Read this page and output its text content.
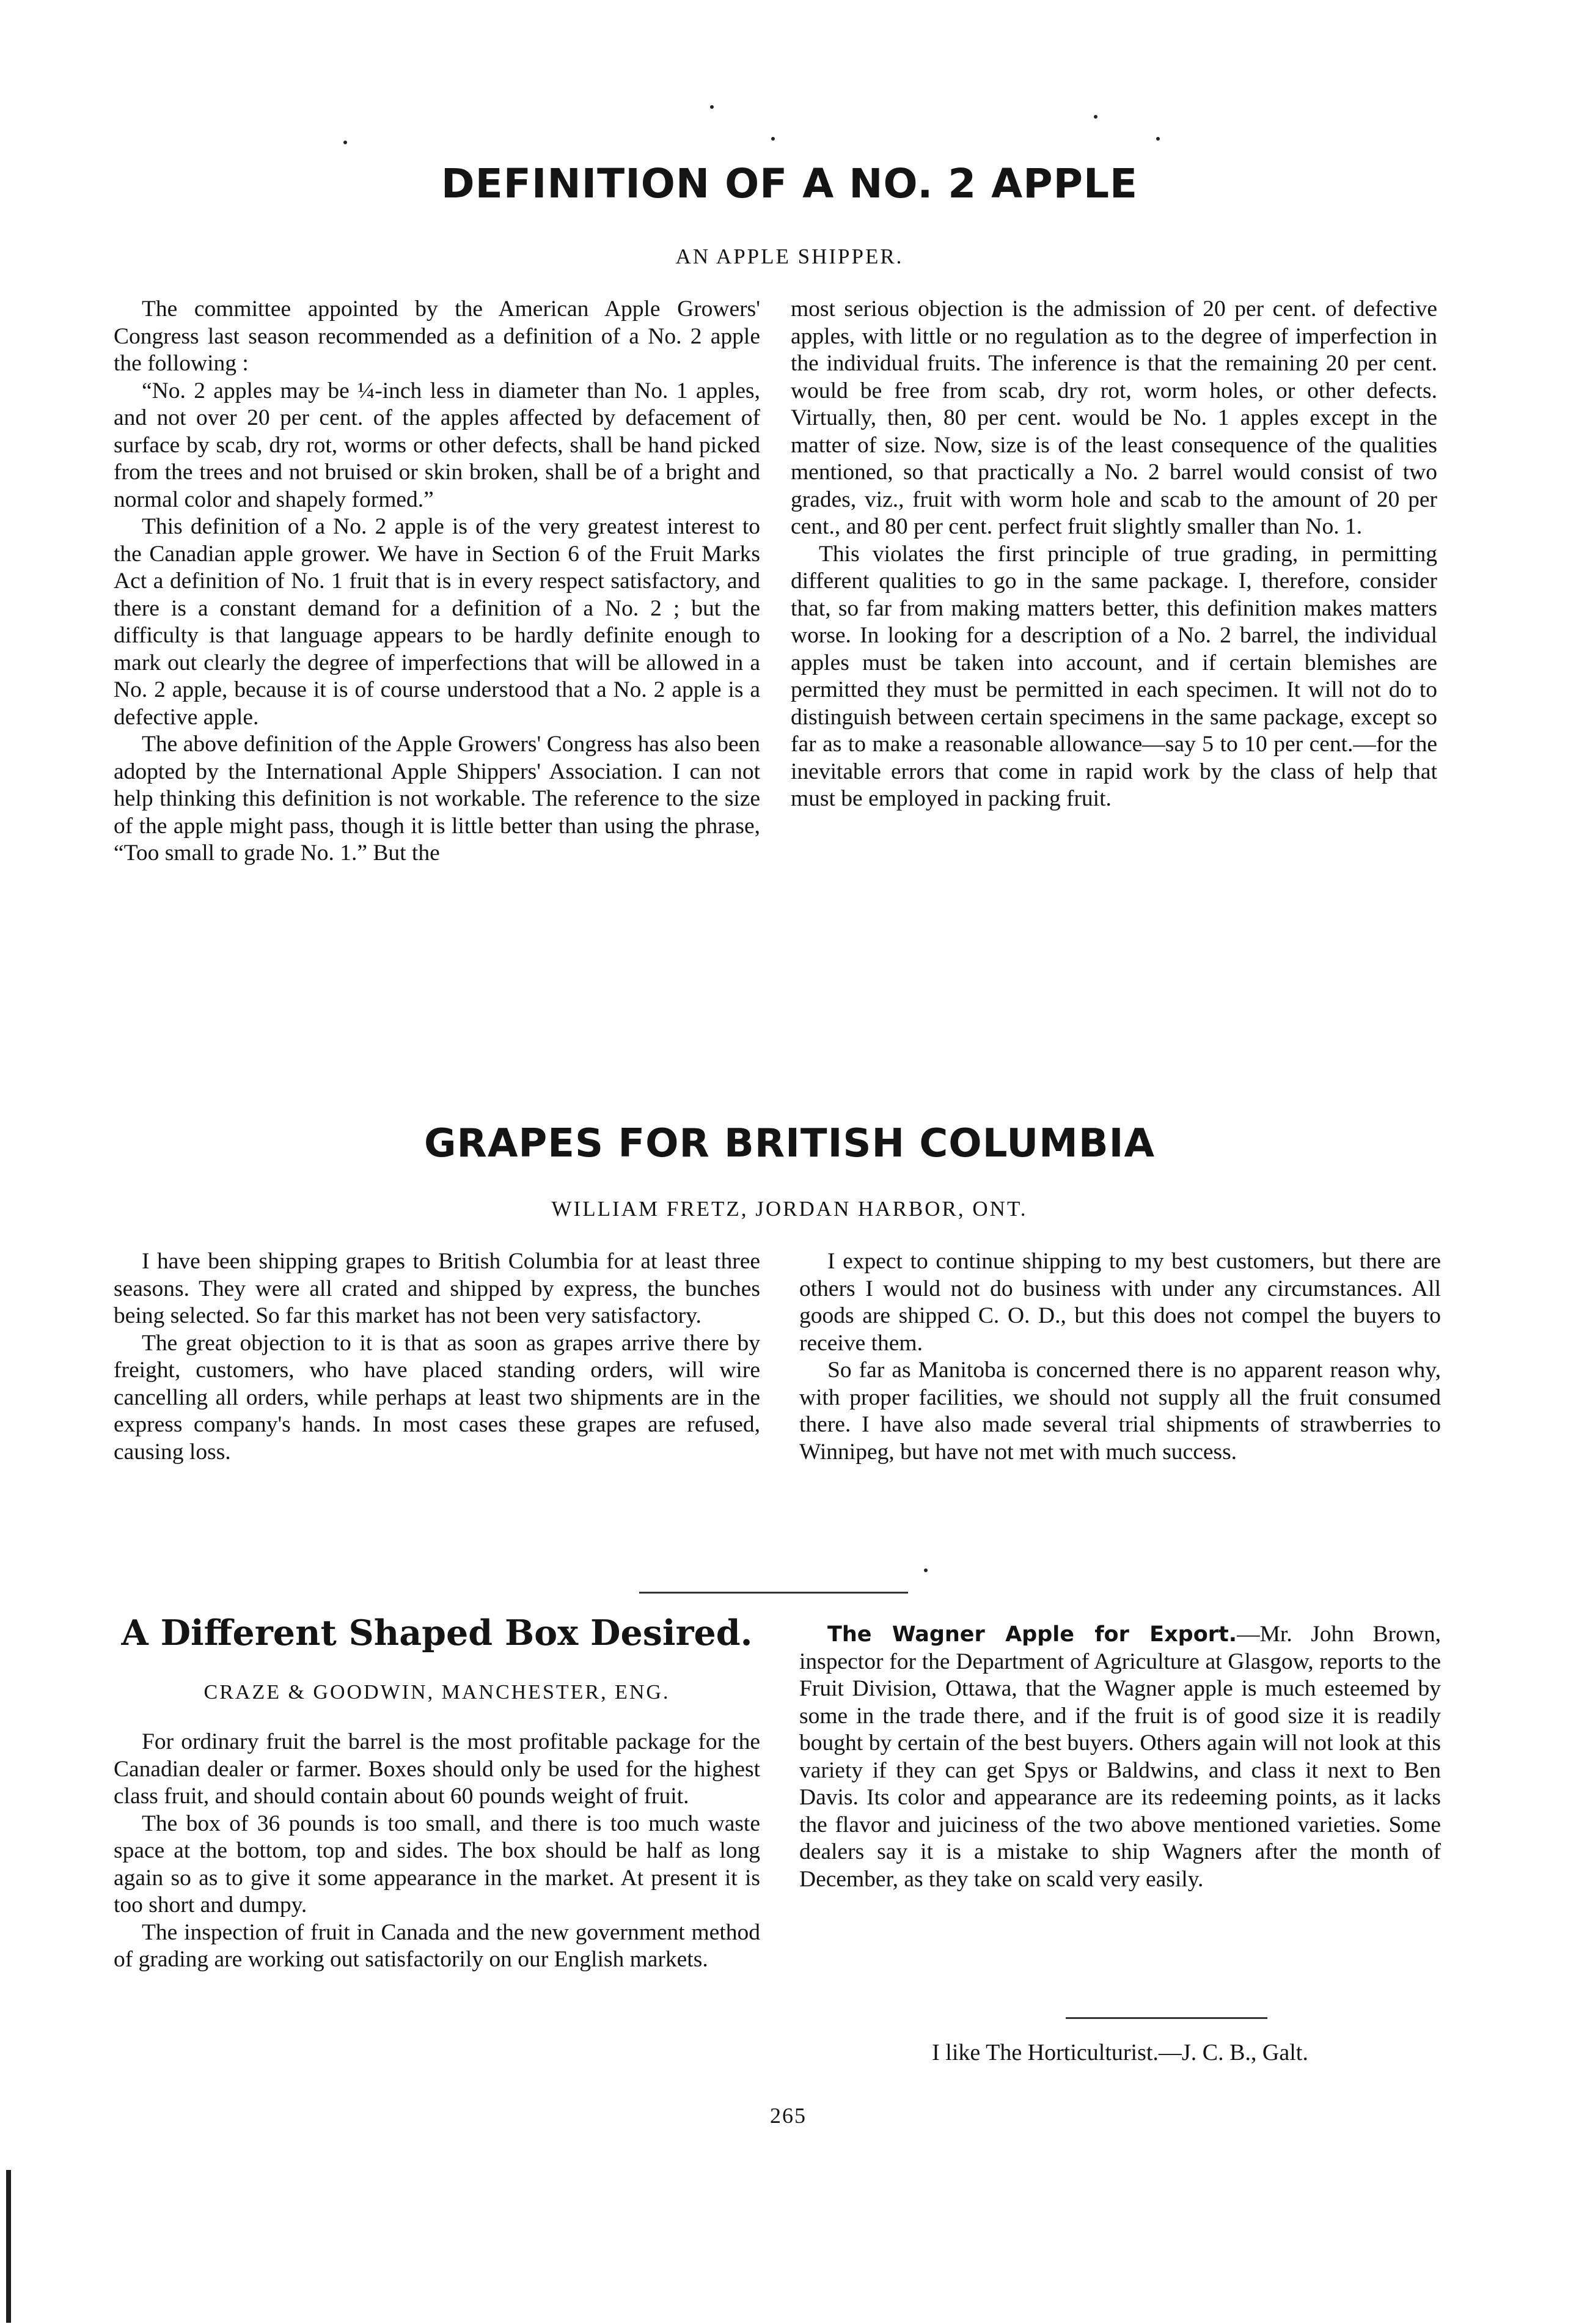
DEFINITION OF A NO. 2 APPLE
AN APPLE SHIPPER.

The committee appointed by the American Apple Growers' Congress last season recommended as a definition of a No. 2 apple the following :

“No. 2 apples may be ¼-inch less in diameter than No. 1 apples, and not over 20 per cent. of the apples affected by defacement of surface by scab, dry rot, worms or other defects, shall be hand picked from the trees and not bruised or skin broken, shall be of a bright and normal color and shapely formed.”

This definition of a No. 2 apple is of the very greatest interest to the Canadian apple grower. We have in Section 6 of the Fruit Marks Act a definition of No. 1 fruit that is in every respect satisfactory, and there is a constant demand for a definition of a No. 2 ; but the difficulty is that language appears to be hardly definite enough to mark out clearly the degree of imperfections that will be allowed in a No. 2 apple, because it is of course understood that a No. 2 apple is a defective apple.

The above definition of the Apple Growers' Congress has also been adopted by the International Apple Shippers' Association. I can not help thinking this definition is not workable. The reference to the size of the apple might pass, though it is little better than using the phrase, “Too small to grade No. 1.” But the

most serious objection is the admission of 20 per cent. of defective apples, with little or no regulation as to the degree of imperfection in the individual fruits. The inference is that the remaining 20 per cent. would be free from scab, dry rot, worm holes, or other defects. Virtually, then, 80 per cent. would be No. 1 apples except in the matter of size. Now, size is of the least consequence of the qualities mentioned, so that practically a No. 2 barrel would consist of two grades, viz., fruit with worm hole and scab to the amount of 20 per cent., and 80 per cent. perfect fruit slightly smaller than No. 1.

This violates the first principle of true grading, in permitting different qualities to go in the same package. I, therefore, consider that, so far from making matters better, this definition makes matters worse. In looking for a description of a No. 2 barrel, the individual apples must be taken into account, and if certain blemishes are permitted they must be permitted in each specimen. It will not do to distinguish between certain specimens in the same package, except so far as to make a reasonable allowance—say 5 to 10 per cent.—for the inevitable errors that come in rapid work by the class of help that must be employed in packing fruit.

GRAPES FOR BRITISH COLUMBIA
WILLIAM FRETZ, JORDAN HARBOR, ONT.

I have been shipping grapes to British Columbia for at least three seasons. They were all crated and shipped by express, the bunches being selected. So far this market has not been very satisfactory.

The great objection to it is that as soon as grapes arrive there by freight, customers, who have placed standing orders, will wire cancelling all orders, while perhaps at least two shipments are in the express company's hands. In most cases these grapes are refused, causing loss.

I expect to continue shipping to my best customers, but there are others I would not do business with under any circumstances. All goods are shipped C. O. D., but this does not compel the buyers to receive them.

So far as Manitoba is concerned there is no apparent reason why, with proper facilities, we should not supply all the fruit consumed there. I have also made several trial shipments of strawberries to Winnipeg, but have not met with much success.

A Different Shaped Box Desired.
CRAZE & GOODWIN, MANCHESTER, ENG.

For ordinary fruit the barrel is the most profitable package for the Canadian dealer or farmer. Boxes should only be used for the highest class fruit, and should contain about 60 pounds weight of fruit.

The box of 36 pounds is too small, and there is too much waste space at the bottom, top and sides. The box should be half as long again so as to give it some appearance in the market. At present it is too short and dumpy.

The inspection of fruit in Canada and the new government method of grading are working out satisfactorily on our English markets.

The Wagner Apple for Export.—Mr. John Brown, inspector for the Department of Agriculture at Glasgow, reports to the Fruit Division, Ottawa, that the Wagner apple is much esteemed by some in the trade there, and if the fruit is of good size it is readily bought by certain of the best buyers. Others again will not look at this variety if they can get Spys or Baldwins, and class it next to Ben Davis. Its color and appearance are its redeeming points, as it lacks the flavor and juiciness of the two above mentioned varieties. Some dealers say it is a mistake to ship Wagners after the month of December, as they take on scald very easily.

I like The Horticulturist.—J. C. B., Galt.
265
